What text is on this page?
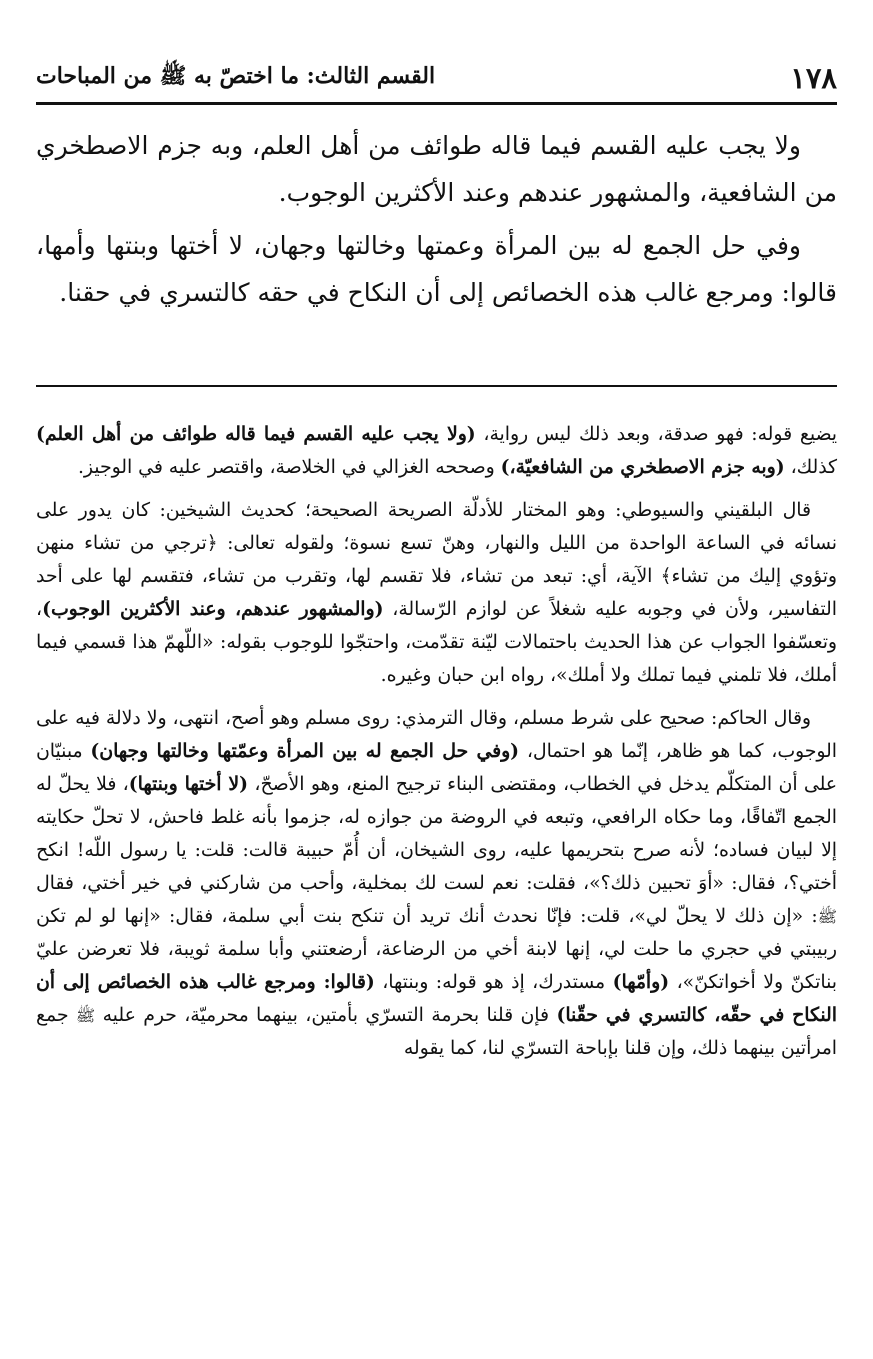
١٧٨
القسم الثالث: ما اختصّ به ﷺ من المباحات

ولا يجب عليه القسم فيما قاله طوائف من أهل العلم، وبه جزم الاصطخري من الشافعية، والمشهور عندهم وعند الأكثرين الوجوب.

وفي حل الجمع له بين المرأة وعمتها وخالتها وجهان، لا أختها وبنتها وأمها، قالوا: ومرجع غالب هذه الخصائص إلى أن النكاح في حقه كالتسري في حقنا.

يضيع قوله: فهو صدقة، وبعد ذلك ليس رواية، (ولا يجب عليه القسم فيما قاله طوائف من أهل العلم) كذلك، (وبه جزم الاصطخري من الشافعيّة،) وصححه الغزالي في الخلاصة، واقتصر عليه في الوجيز.

قال البلقيني والسيوطي: وهو المختار للأدلّة الصريحة الصحيحة؛ كحديث الشيخين: كان يدور على نسائه في الساعة الواحدة من الليل والنهار، وهنّ تسع نسوة؛ ولقوله تعالى: ﴿ترجي من تشاء منهن وتؤوي إليك من تشاء﴾ الآية، أي: تبعد من تشاء، فلا تقسم لها، وتقرب من تشاء، فتقسم لها على أحد التفاسير، ولأن في وجوبه عليه شغلاً عن لوازم الرّسالة، (والمشهور عندهم، وعند الأكثرين الوجوب)، وتعسّفوا الجواب عن هذا الحديث باحتمالات ليّنة تقدّمت، واحتجّوا للوجوب بقوله: «اللّهمّ هذا قسمي فيما أملك، فلا تلمني فيما تملك ولا أملك»، رواه ابن حبان وغيره.

وقال الحاكم: صحيح على شرط مسلم، وقال الترمذي: روى مسلم وهو أصح، انتهى، ولا دلالة فيه على الوجوب، كما هو ظاهر، إنّما هو احتمال، (وفي حل الجمع له بين المرأة وعمّتها وخالتها وجهان) مبنيّان على أن المتكلّم يدخل في الخطاب، ومقتضى البناء ترجيح المنع، وهو الأصحّ، (لا أختها وبنتها)، فلا يحلّ له الجمع اتّفاقًا، وما حكاه الرافعي، وتبعه في الروضة من جوازه له، جزموا بأنه غلط فاحش، لا تحلّ حكايته إلا لبيان فساده؛ لأنه صرح بتحريمها عليه، روى الشيخان، أن أُمّ حبيبة قالت: قلت: يا رسول اللّه! انكح أختي؟، فقال: «أوَ تحبين ذلك؟»، فقلت: نعم لست لك بمخلية، وأحب من شاركني في خير أختي، فقال ﷺ: «إن ذلك لا يحلّ لي»، قلت: فإنّا نحدث أنك تريد أن تنكح بنت أبي سلمة، فقال: «إنها لو لم تكن ربيبتي في حجري ما حلت لي، إنها لابنة أخي من الرضاعة، أرضعتني وأبا سلمة ثويبة، فلا تعرضن عليّ بناتكنّ ولا أخواتكنّ»، (وأمّها) مستدرك، إذ هو قوله: وبنتها، (قالوا: ومرجع غالب هذه الخصائص إلى أن النكاح في حقّه، كالتسري في حقّنا) فإن قلنا بحرمة التسرّي بأمتين، بينهما محرميّة، حرم عليه ﷺ جمع امرأتين بينهما ذلك، وإن قلنا بإباحة التسرّي لنا، كما يقوله
